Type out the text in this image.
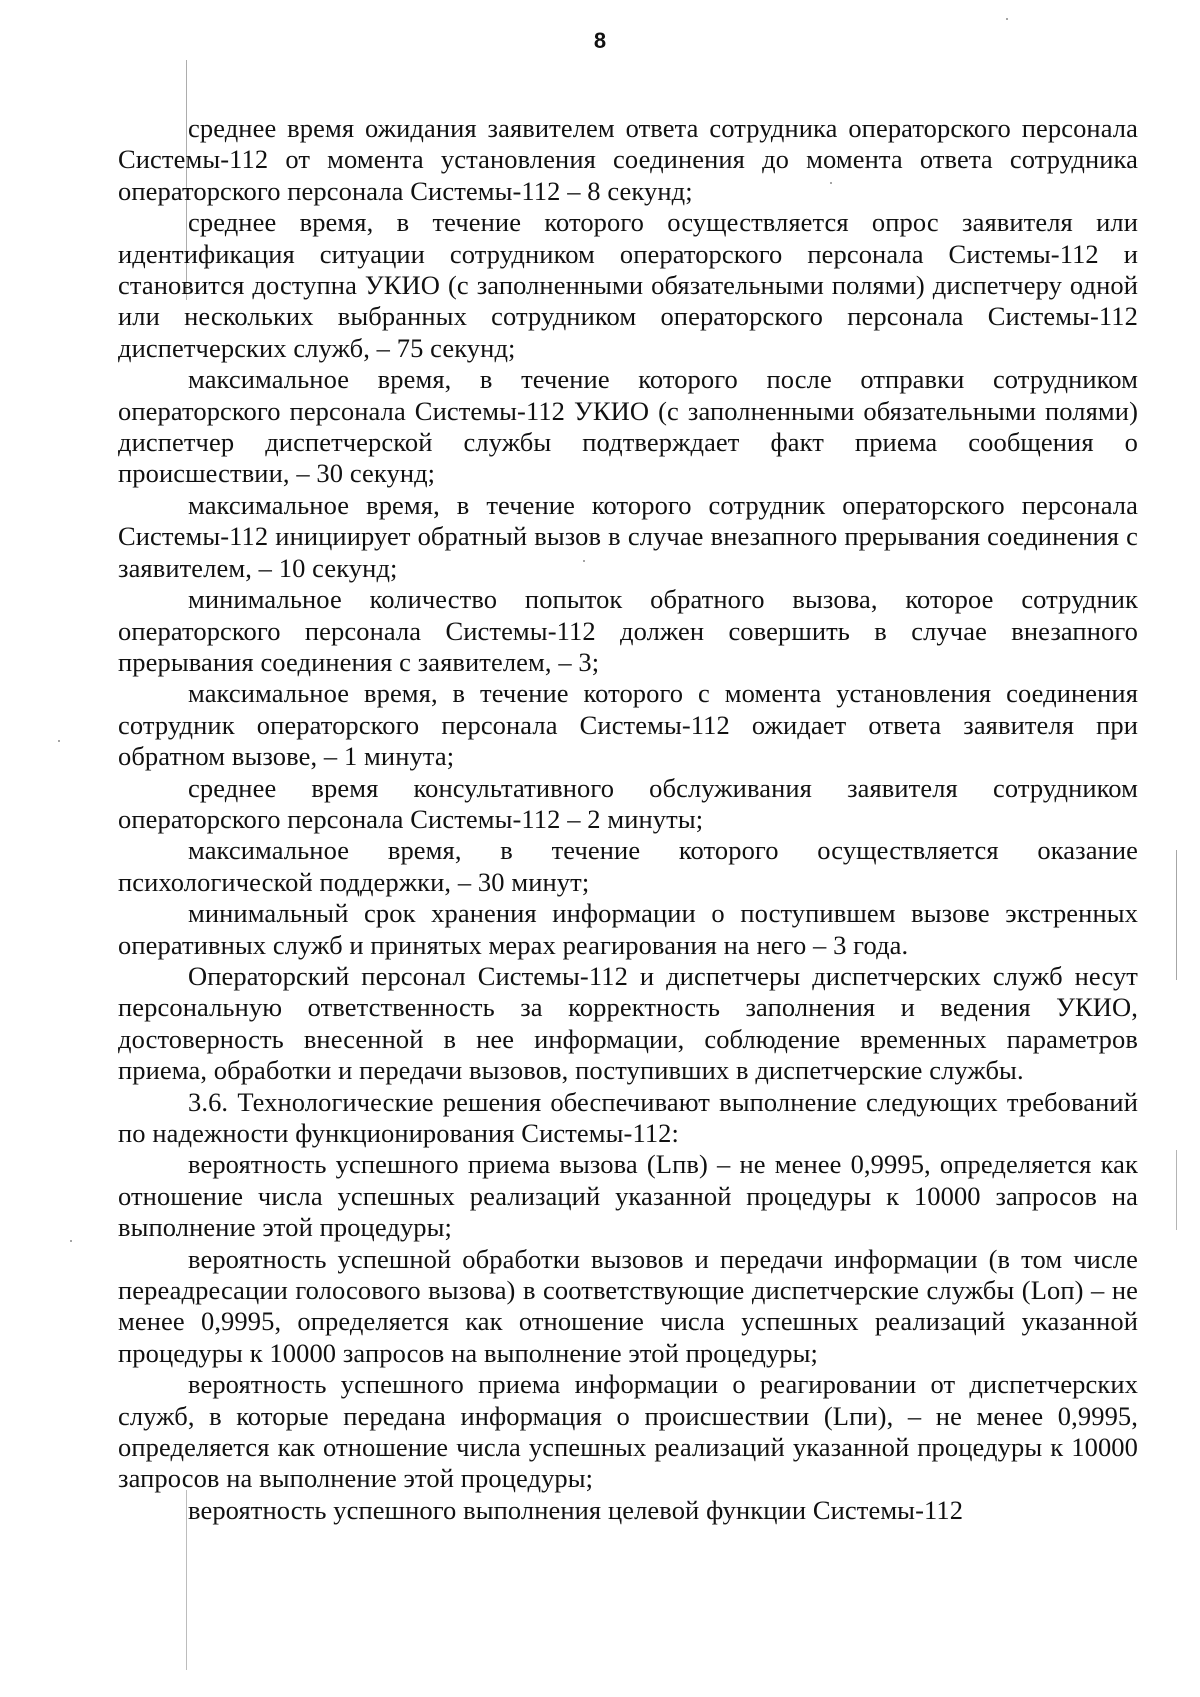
8

среднее время ожидания заявителем ответа сотрудника операторского персонала Системы-112 от момента установления соединения до момента ответа сотрудника операторского персонала Системы-112 – 8 секунд;

среднее время, в течение которого осуществляется опрос заявителя или идентификация ситуации сотрудником операторского персонала Системы-112 и становится доступна УКИО (с заполненными обязательными полями) диспетчеру одной или нескольких выбранных сотрудником операторского персонала Системы-112 диспетчерских служб, – 75 секунд;

максимальное время, в течение которого после отправки сотрудником операторского персонала Системы-112 УКИО (с заполненными обязательными полями) диспетчер диспетчерской службы подтверждает факт приема сообщения о происшествии, – 30 секунд;

максимальное время, в течение которого сотрудник операторского персонала Системы-112 инициирует обратный вызов в случае внезапного прерывания соединения с заявителем, – 10 секунд;

минимальное количество попыток обратного вызова, которое сотрудник операторского персонала Системы-112 должен совершить в случае внезапного прерывания соединения с заявителем, – 3;

максимальное время, в течение которого с момента установления соединения сотрудник операторского персонала Системы-112 ожидает ответа заявителя при обратном вызове, – 1 минута;

среднее время консультативного обслуживания заявителя сотрудником операторского персонала Системы-112 – 2 минуты;

максимальное время, в течение которого осуществляется оказание психологической поддержки, – 30 минут;

минимальный срок хранения информации о поступившем вызове экстренных оперативных служб и принятых мерах реагирования на него – 3 года.

Операторский персонал Системы-112 и диспетчеры диспетчерских служб несут персональную ответственность за корректность заполнения и ведения УКИО, достоверность внесенной в нее информации, соблюдение временных параметров приема, обработки и передачи вызовов, поступивших в диспетчерские службы.

3.6. Технологические решения обеспечивают выполнение следующих требований по надежности функционирования Системы-112:

вероятность успешного приема вызова (Lпв) – не менее 0,9995, определяется как отношение числа успешных реализаций указанной процедуры к 10000 запросов на выполнение этой процедуры;

вероятность успешной обработки вызовов и передачи информации (в том числе переадресации голосового вызова) в соответствующие диспетчерские службы (Lоп) – не менее 0,9995, определяется как отношение числа успешных реализаций указанной процедуры к 10000 запросов на выполнение этой процедуры;

вероятность успешного приема информации о реагировании от диспетчерских служб, в которые передана информация о происшествии (Lпи), – не менее 0,9995, определяется как отношение числа успешных реализаций указанной процедуры к 10000 запросов на выполнение этой процедуры;

вероятность успешного выполнения целевой функции Системы-112
